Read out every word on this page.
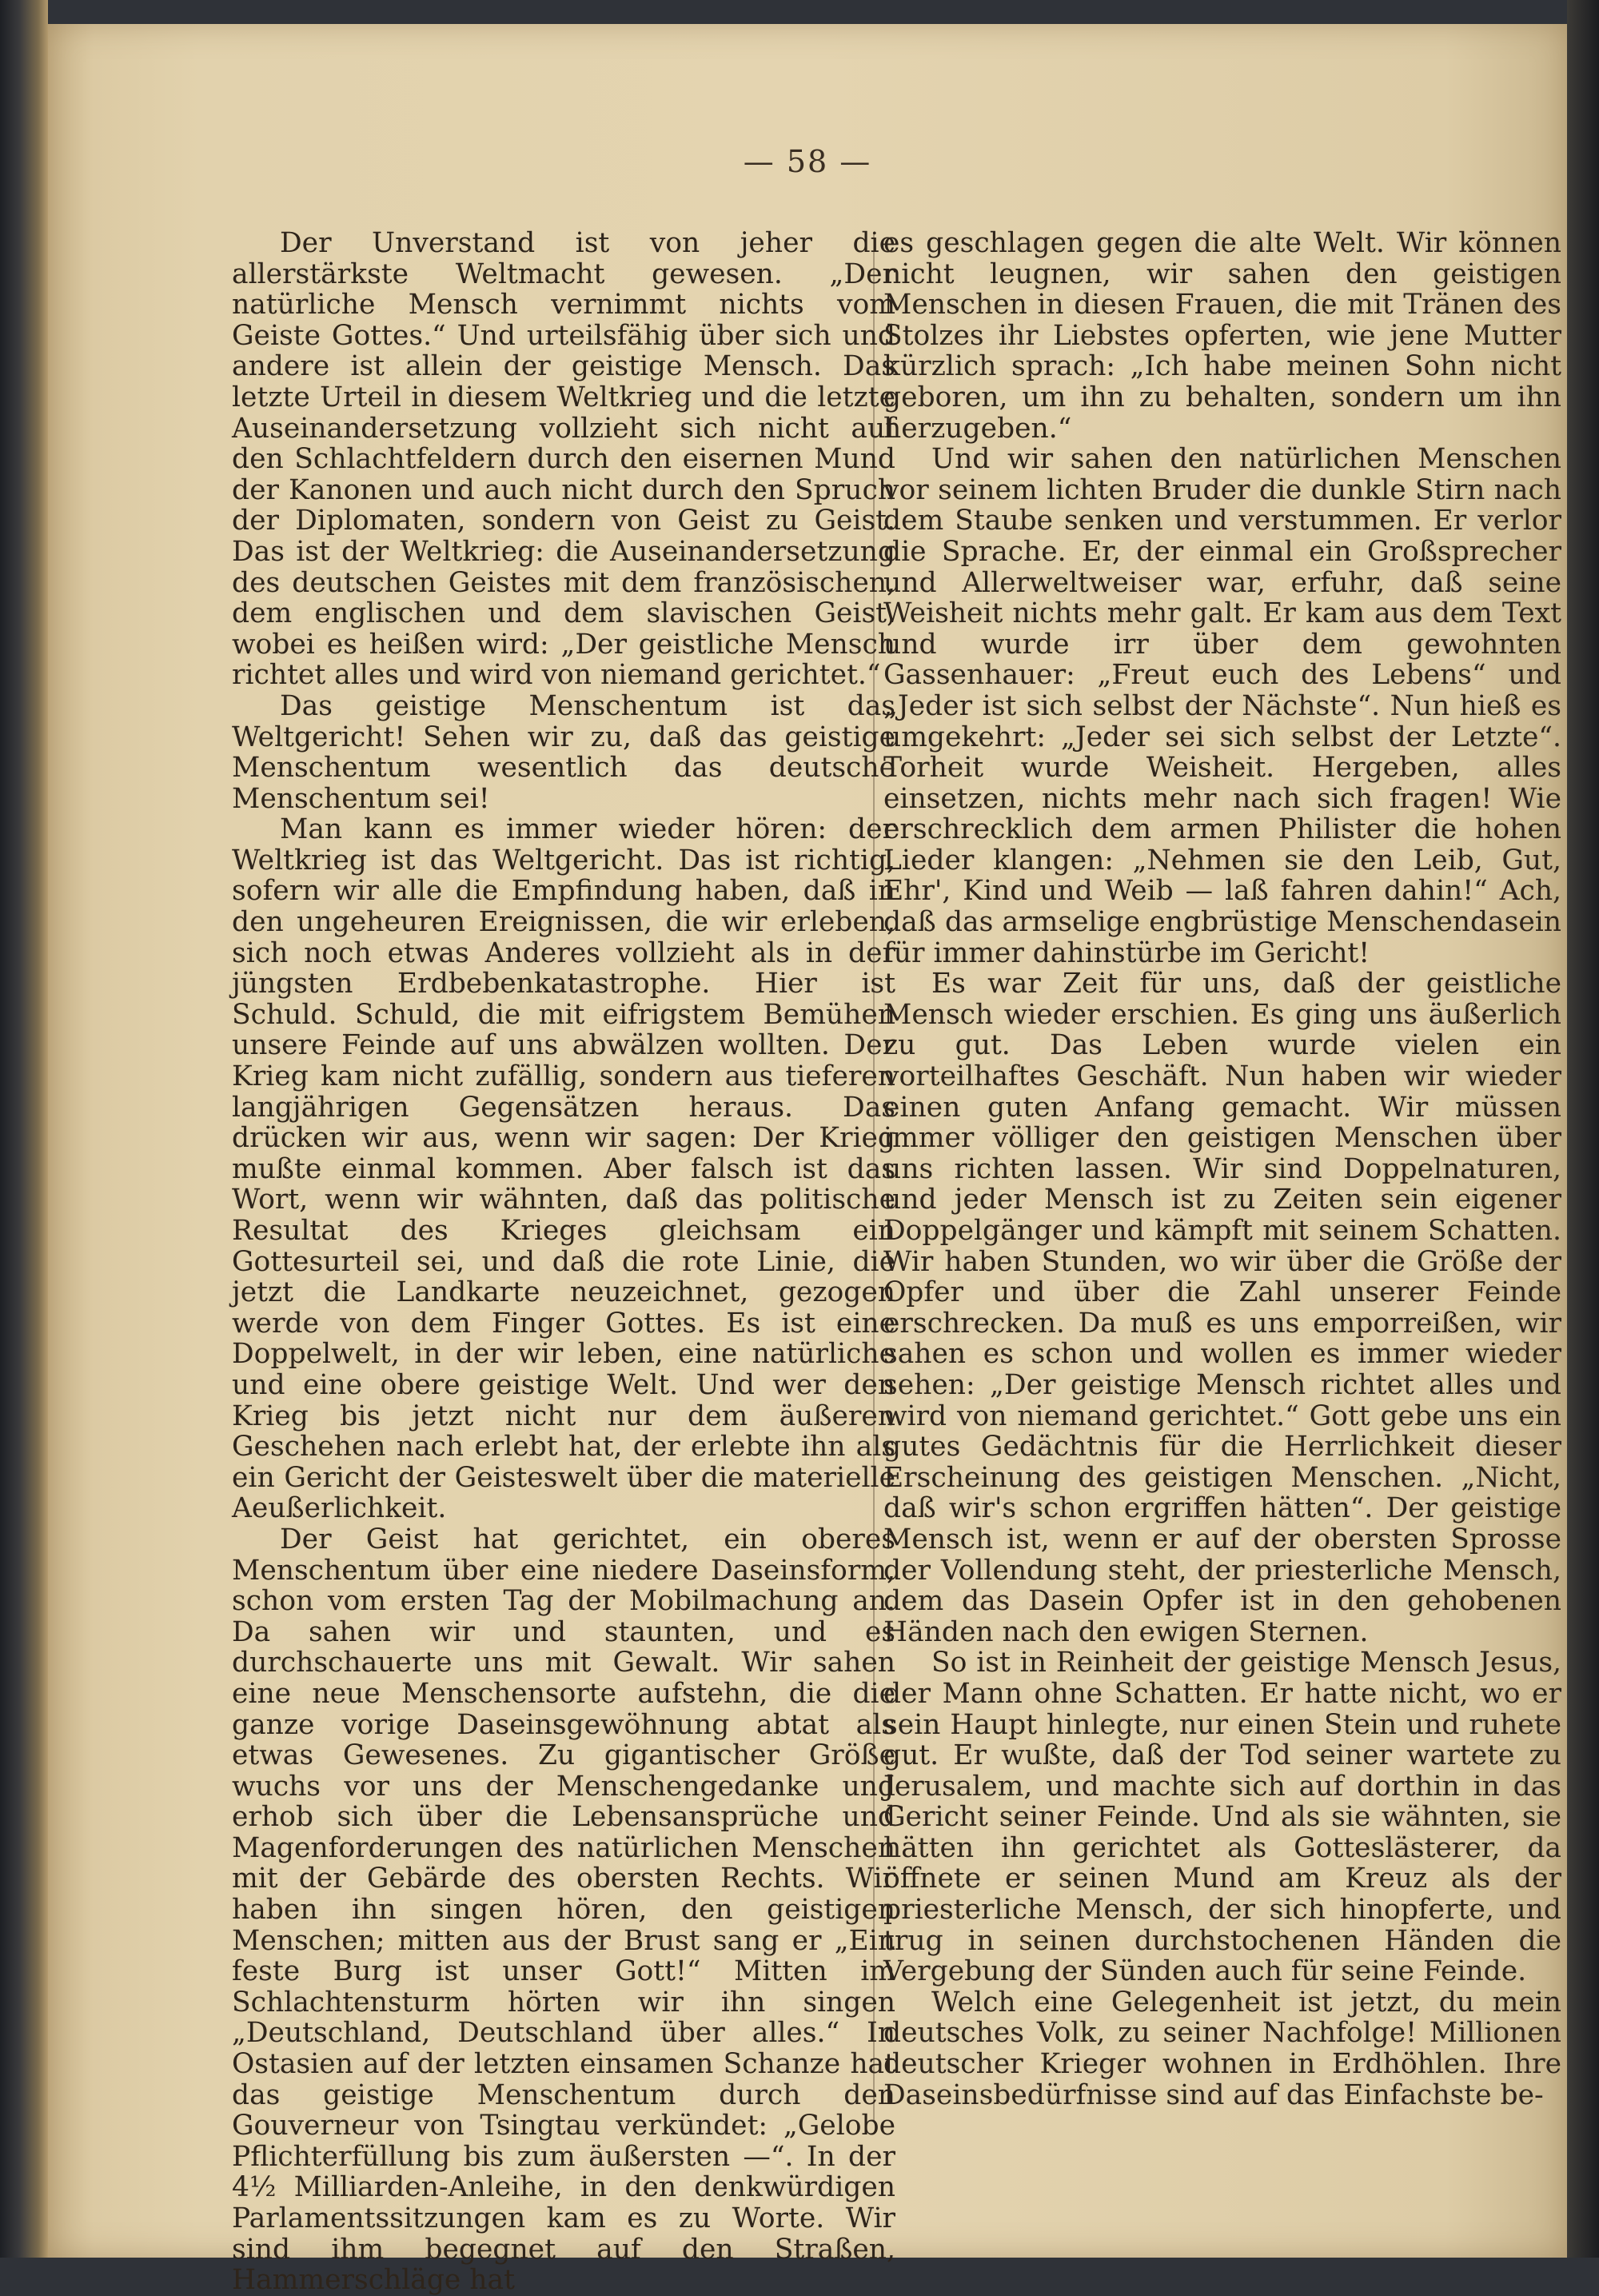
— 58 —

Der Unverstand ist von jeher die allerstärkste Weltmacht gewesen. „Der natürliche Mensch vernimmt nichts vom Geiste Gottes.“ Und urteilsfähig über sich und andere ist allein der geistige Mensch. Das letzte Urteil in diesem Weltkrieg und die letzte Auseinandersetzung vollzieht sich nicht auf den Schlachtfeldern durch den eisernen Mund der Kanonen und auch nicht durch den Spruch der Diplomaten, sondern von Geist zu Geist. Das ist der Weltkrieg: die Auseinandersetzung des deutschen Geistes mit dem französischen, dem englischen und dem slavischen Geist, wobei es heißen wird: „Der geistliche Mensch richtet alles und wird von niemand gerichtet.“

Das geistige Menschentum ist das Weltgericht! Sehen wir zu, daß das geistige Menschentum wesentlich das deutsche Menschentum sei!

Man kann es immer wieder hören: der Weltkrieg ist das Weltgericht. Das ist richtig, sofern wir alle die Empfindung haben, daß in den ungeheuren Ereignissen, die wir erleben, sich noch etwas Anderes vollzieht als in der jüngsten Erdbebenkatastrophe. Hier ist Schuld. Schuld, die mit eifrigstem Bemühen unsere Feinde auf uns abwälzen wollten. Der Krieg kam nicht zufällig, sondern aus tieferen langjährigen Gegensätzen heraus. Das drücken wir aus, wenn wir sagen: Der Krieg mußte einmal kommen. Aber falsch ist das Wort, wenn wir wähnten, daß das politische Resultat des Krieges gleichsam ein Gottesurteil sei, und daß die rote Linie, die jetzt die Landkarte neuzeichnet, gezogen werde von dem Finger Gottes. Es ist eine Doppelwelt, in der wir leben, eine natürliche und eine obere geistige Welt. Und wer den Krieg bis jetzt nicht nur dem äußeren Geschehen nach erlebt hat, der erlebte ihn als ein Gericht der Geisteswelt über die materielle Aeußerlichkeit.

Der Geist hat gerichtet, ein oberes Menschentum über eine niedere Daseinsform, schon vom ersten Tag der Mobilmachung an. Da sahen wir und staunten, und es durchschauerte uns mit Gewalt. Wir sahen eine neue Menschensorte aufstehn, die die ganze vorige Daseinsgewöhnung abtat als etwas Gewesenes. Zu gigantischer Größe wuchs vor uns der Menschengedanke und erhob sich über die Lebensansprüche und Magenforderungen des natürlichen Menschen mit der Gebärde des obersten Rechts. Wir haben ihn singen hören, den geistigen Menschen; mitten aus der Brust sang er „Ein feste Burg ist unser Gott!“ Mitten im Schlachtensturm hörten wir ihn singen „Deutschland, Deutschland über alles.“ In Ostasien auf der letzten einsamen Schanze hat das geistige Menschentum durch den Gouverneur von Tsingtau verkündet: „Gelobe Pflichterfüllung bis zum äußersten —“. In der 4½ Milliarden-Anleihe, in den denkwürdigen Parlamentssitzungen kam es zu Worte. Wir sind ihm begegnet auf den Straßen, Hammerschläge hat

es geschlagen gegen die alte Welt. Wir können nicht leugnen, wir sahen den geistigen Menschen in diesen Frauen, die mit Tränen des Stolzes ihr Liebstes opferten, wie jene Mutter kürzlich sprach: „Ich habe meinen Sohn nicht geboren, um ihn zu behalten, sondern um ihn herzugeben.“

Und wir sahen den natürlichen Menschen vor seinem lichten Bruder die dunkle Stirn nach dem Staube senken und verstummen. Er verlor die Sprache. Er, der einmal ein Großsprecher und Allerweltweiser war, erfuhr, daß seine Weisheit nichts mehr galt. Er kam aus dem Text und wurde irr über dem gewohnten Gassenhauer: „Freut euch des Lebens“ und „Jeder ist sich selbst der Nächste“. Nun hieß es umgekehrt: „Jeder sei sich selbst der Letzte“. Torheit wurde Weisheit. Hergeben, alles einsetzen, nichts mehr nach sich fragen! Wie erschrecklich dem armen Philister die hohen Lieder klangen: „Nehmen sie den Leib, Gut, Ehr', Kind und Weib — laß fahren dahin!“ Ach, daß das armselige engbrüstige Menschendasein für immer dahinstürbe im Gericht!

Es war Zeit für uns, daß der geistliche Mensch wieder erschien. Es ging uns äußerlich zu gut. Das Leben wurde vielen ein vorteilhaftes Geschäft. Nun haben wir wieder einen guten Anfang gemacht. Wir müssen immer völliger den geistigen Menschen über uns richten lassen. Wir sind Doppelnaturen, und jeder Mensch ist zu Zeiten sein eigener Doppelgänger und kämpft mit seinem Schatten. Wir haben Stunden, wo wir über die Größe der Opfer und über die Zahl unserer Feinde erschrecken. Da muß es uns emporreißen, wir sahen es schon und wollen es immer wieder sehen: „Der geistige Mensch richtet alles und wird von niemand gerichtet.“ Gott gebe uns ein gutes Gedächtnis für die Herrlichkeit dieser Erscheinung des geistigen Menschen. „Nicht, daß wir's schon ergriffen hätten“. Der geistige Mensch ist, wenn er auf der obersten Sprosse der Vollendung steht, der priesterliche Mensch, dem das Dasein Opfer ist in den gehobenen Händen nach den ewigen Sternen.

So ist in Reinheit der geistige Mensch Jesus, der Mann ohne Schatten. Er hatte nicht, wo er sein Haupt hinlegte, nur einen Stein und ruhete gut. Er wußte, daß der Tod seiner wartete zu Jerusalem, und machte sich auf dorthin in das Gericht seiner Feinde. Und als sie wähnten, sie hätten ihn gerichtet als Gotteslästerer, da öffnete er seinen Mund am Kreuz als der priesterliche Mensch, der sich hinopferte, und trug in seinen durchstochenen Händen die Vergebung der Sünden auch für seine Feinde.

Welch eine Gelegenheit ist jetzt, du mein deutsches Volk, zu seiner Nachfolge! Millionen deutscher Krieger wohnen in Erdhöhlen. Ihre Daseinsbedürfnisse sind auf das Einfachste be-
